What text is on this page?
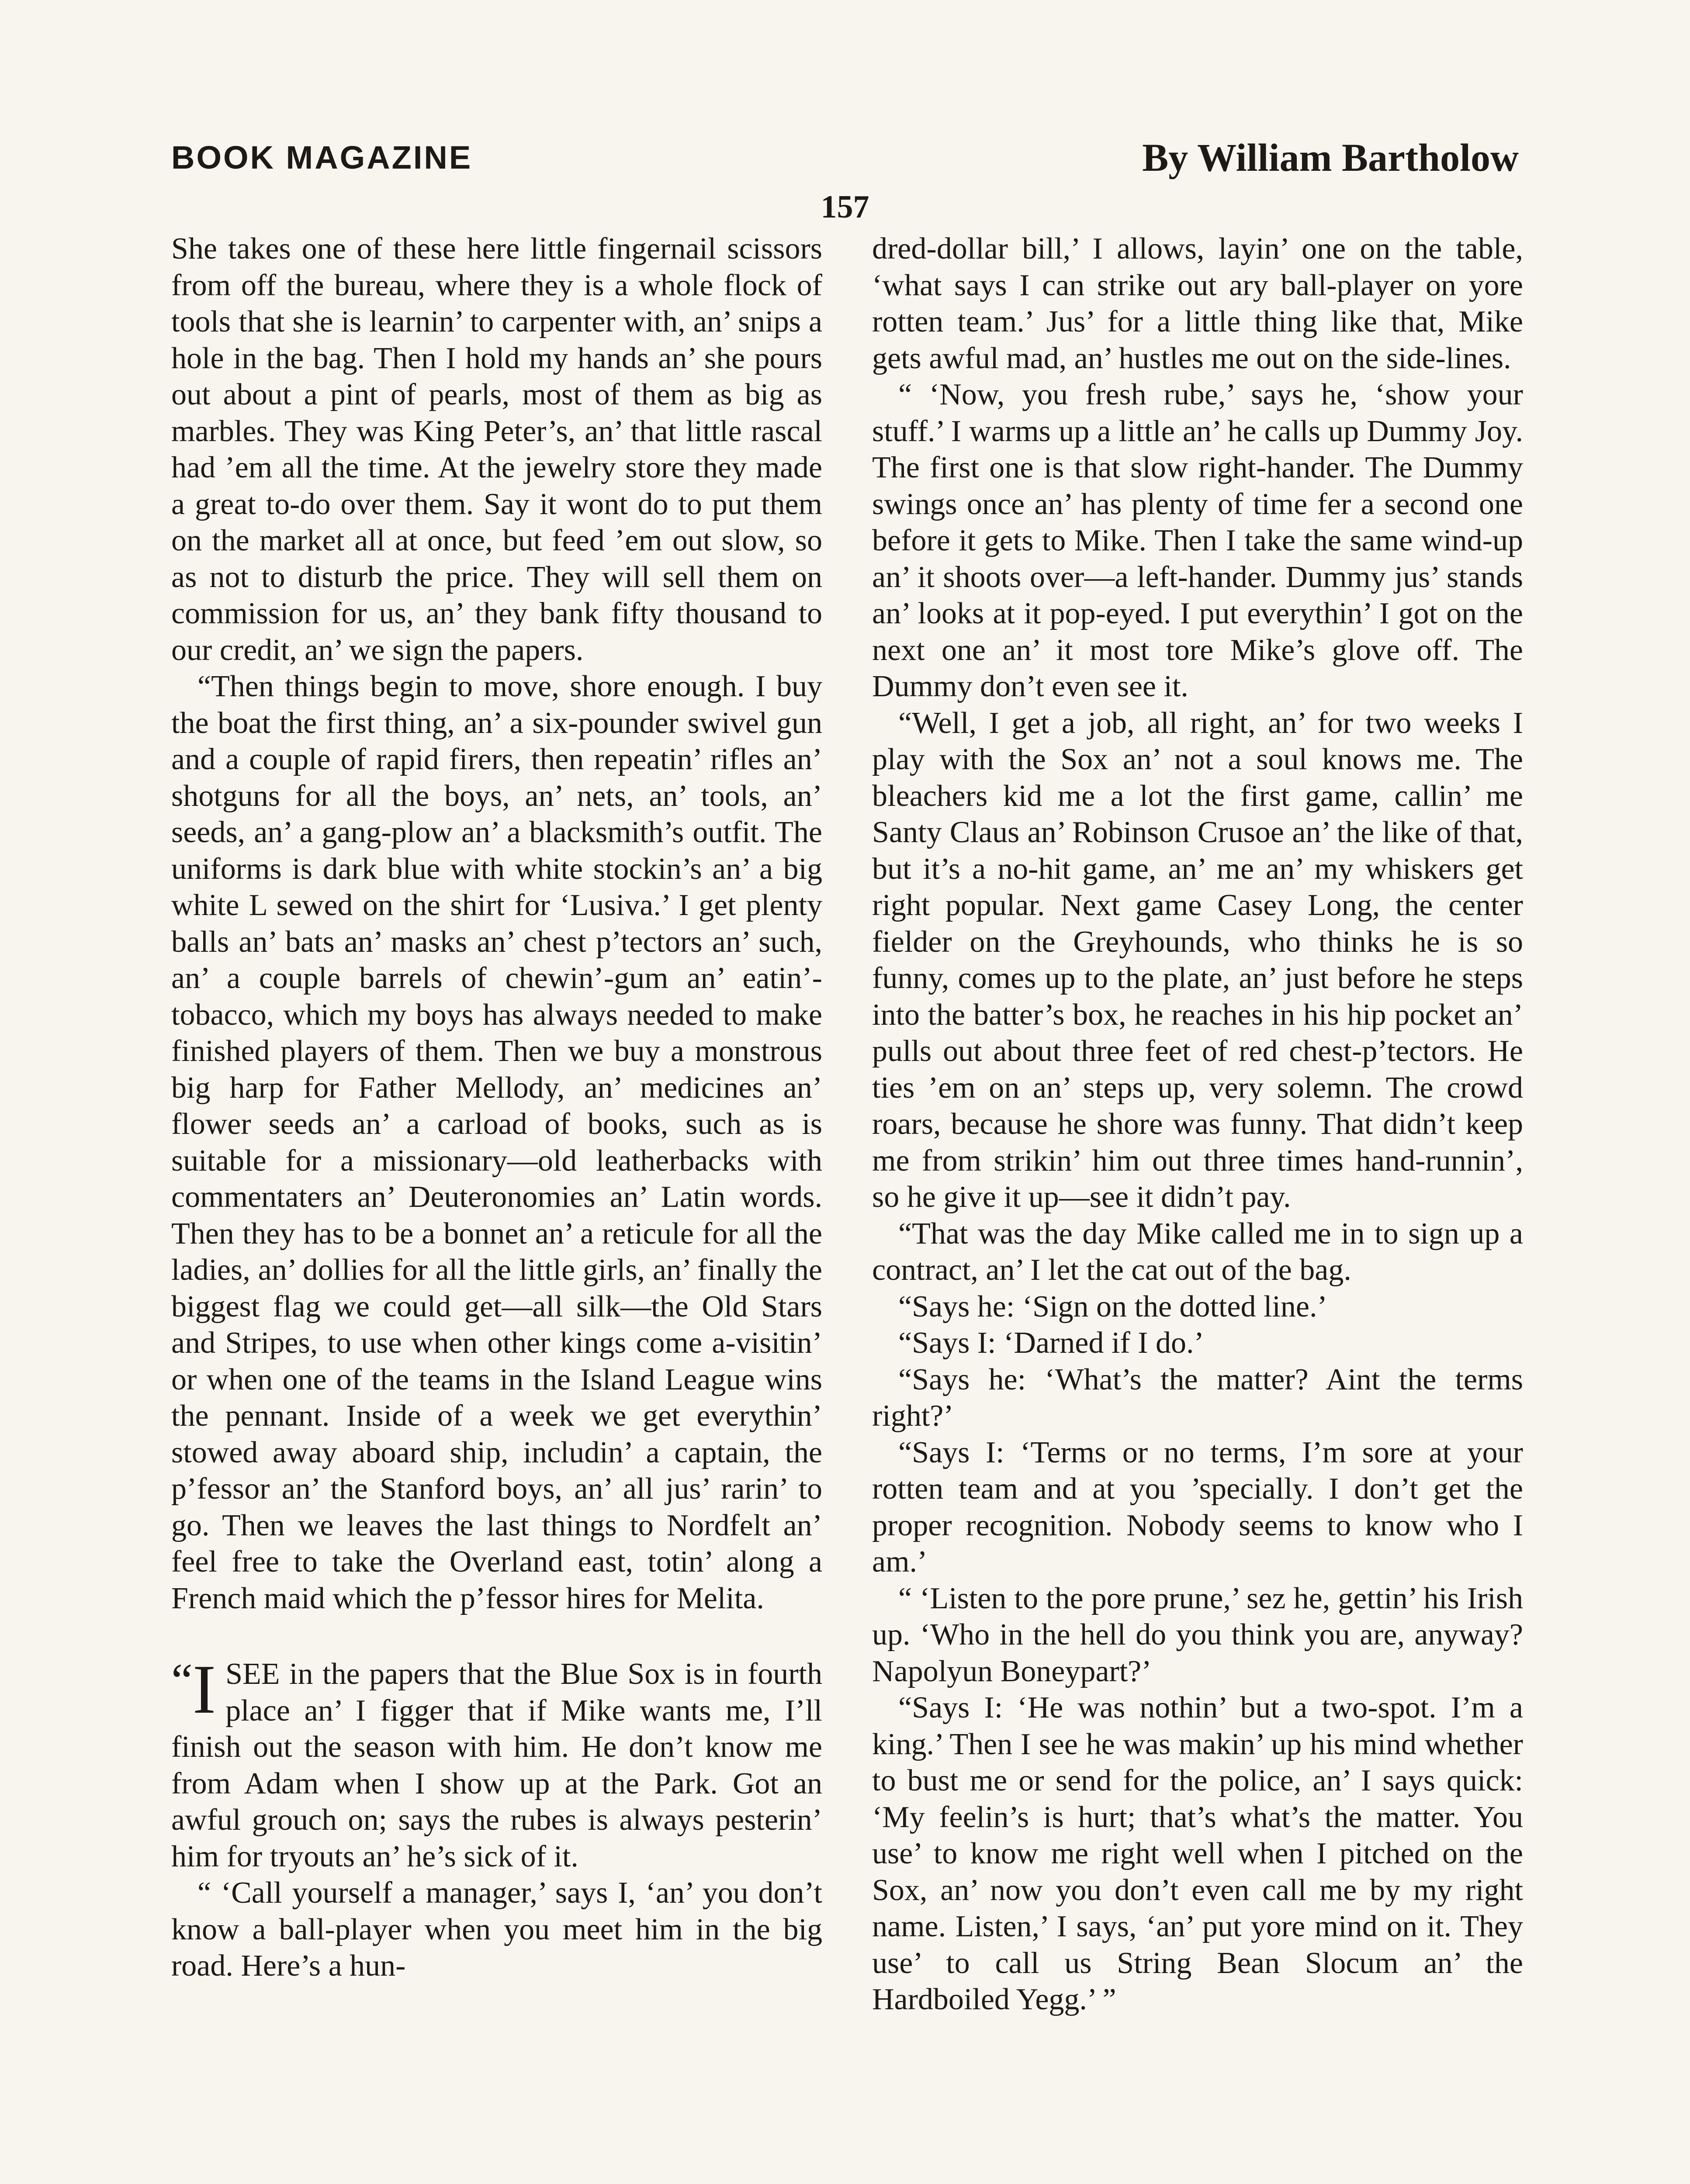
BOOK MAGAZINE	By William Bartholow
157

She takes one of these here little fingernail scissors from off the bureau, where they is a whole flock of tools that she is learnin’ to carpenter with, an’ snips a hole in the bag. Then I hold my hands an’ she pours out about a pint of pearls, most of them as big as marbles. They was King Peter’s, an’ that little rascal had ’em all the time. At the jewelry store they made a great to-do over them. Say it wont do to put them on the market all at once, but feed ’em out slow, so as not to disturb the price. They will sell them on commission for us, an’ they bank fifty thousand to our credit, an’ we sign the papers.

“Then things begin to move, shore enough. I buy the boat the first thing, an’ a six-pounder swivel gun and a couple of rapid firers, then repeatin’ rifles an’ shotguns for all the boys, an’ nets, an’ tools, an’ seeds, an’ a gang-plow an’ a blacksmith’s outfit. The uniforms is dark blue with white stockin’s an’ a big white L sewed on the shirt for ‘Lusiva.’ I get plenty balls an’ bats an’ masks an’ chest p’tectors an’ such, an’ a couple barrels of chewin’-gum an’ eatin’-tobacco, which my boys has always needed to make finished players of them. Then we buy a monstrous big harp for Father Mellody, an’ medicines an’ flower seeds an’ a carload of books, such as is suitable for a missionary—old leatherbacks with commentaters an’ Deuteronomies an’ Latin words. Then they has to be a bonnet an’ a reticule for all the ladies, an’ dollies for all the little girls, an’ finally the biggest flag we could get—all silk—the Old Stars and Stripes, to use when other kings come a-visitin’ or when one of the teams in the Island League wins the pennant. Inside of a week we get everythin’ stowed away aboard ship, includin’ a captain, the p’fessor an’ the Stanford boys, an’ all jus’ rarin’ to go. Then we leaves the last things to Nordfelt an’ feel free to take the Overland east, totin’ along a French maid which the p’fessor hires for Melita.

“I SEE in the papers that the Blue Sox is in fourth place an’ I figger that if Mike wants me, I’ll finish out the season with him. He don’t know me from Adam when I show up at the Park. Got an awful grouch on; says the rubes is always pesterin’ him for tryouts an’ he’s sick of it.

“ ‘Call yourself a manager,’ says I, ‘an’ you don’t know a ball-player when you meet him in the big road. Here’s a hun-

dred-dollar bill,’ I allows, layin’ one on the table, ‘what says I can strike out ary ball-player on yore rotten team.’ Jus’ for a little thing like that, Mike gets awful mad, an’ hustles me out on the side-lines.

“ ‘Now, you fresh rube,’ says he, ‘show your stuff.’ I warms up a little an’ he calls up Dummy Joy. The first one is that slow right-hander. The Dummy swings once an’ has plenty of time fer a second one before it gets to Mike. Then I take the same wind-up an’ it shoots over—a left-hander. Dummy jus’ stands an’ looks at it pop-eyed. I put everythin’ I got on the next one an’ it most tore Mike’s glove off. The Dummy don’t even see it.

“Well, I get a job, all right, an’ for two weeks I play with the Sox an’ not a soul knows me. The bleachers kid me a lot the first game, callin’ me Santy Claus an’ Robinson Crusoe an’ the like of that, but it’s a no-hit game, an’ me an’ my whiskers get right popular. Next game Casey Long, the center fielder on the Greyhounds, who thinks he is so funny, comes up to the plate, an’ just before he steps into the batter’s box, he reaches in his hip pocket an’ pulls out about three feet of red chest-p’tectors. He ties ’em on an’ steps up, very solemn. The crowd roars, because he shore was funny. That didn’t keep me from strikin’ him out three times hand-runnin’, so he give it up—see it didn’t pay.

“That was the day Mike called me in to sign up a contract, an’ I let the cat out of the bag.

“Says he: ‘Sign on the dotted line.’

“Says I: ‘Darned if I do.’

“Says he: ‘What’s the matter? Aint the terms right?’

“Says I: ‘Terms or no terms, I’m sore at your rotten team and at you ’specially. I don’t get the proper recognition. Nobody seems to know who I am.’

“ ‘Listen to the pore prune,’ sez he, gettin’ his Irish up. ‘Who in the hell do you think you are, anyway? Napolyun Boneypart?’

“Says I: ‘He was nothin’ but a two-spot. I’m a king.’ Then I see he was makin’ up his mind whether to bust me or send for the police, an’ I says quick: ‘My feelin’s is hurt; that’s what’s the matter. You use’ to know me right well when I pitched on the Sox, an’ now you don’t even call me by my right name. Listen,’ I says, ‘an’ put yore mind on it. They use’ to call us String Bean Slocum an’ the Hardboiled Yegg.’ ”
